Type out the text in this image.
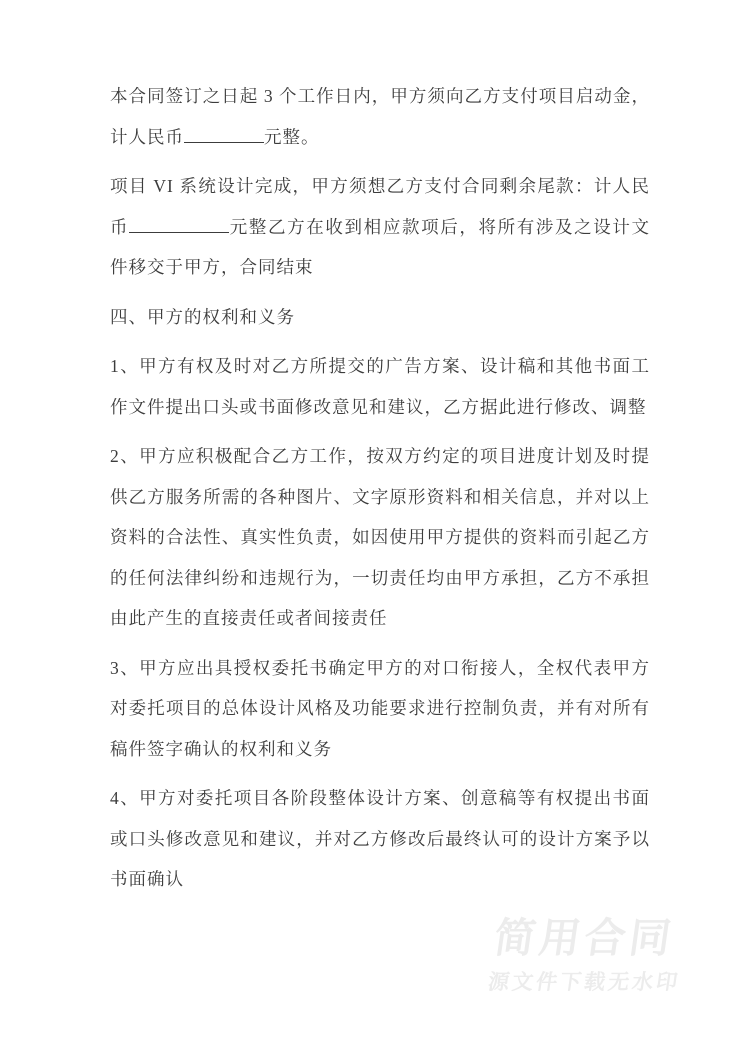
本合同签订之日起 3 个工作日内，甲方须向乙方支付项目启动金，计人民币	元整。

项目 VI 系统设计完成，甲方须想乙方支付合同剩余尾款：计人民币	元整乙方在收到相应款项后，将所有涉及之设计文件移交于甲方，合同结束

四、甲方的权利和义务

1、甲方有权及时对乙方所提交的广告方案、设计稿和其他书面工作文件提出口头或书面修改意见和建议，乙方据此进行修改、调整

2、甲方应积极配合乙方工作，按双方约定的项目进度计划及时提供乙方服务所需的各种图片、文字原形资料和相关信息，并对以上资料的合法性、真实性负责，如因使用甲方提供的资料而引起乙方的任何法律纠纷和违规行为，一切责任均由甲方承担，乙方不承担由此产生的直接责任或者间接责任

3、甲方应出具授权委托书确定甲方的对口衔接人，全权代表甲方对委托项目的总体设计风格及功能要求进行控制负责，并有对所有稿件签字确认的权利和义务

4、甲方对委托项目各阶段整体设计方案、创意稿等有权提出书面或口头修改意见和建议，并对乙方修改后最终认可的设计方案予以书面确认

简用合同
源文件下载无水印
